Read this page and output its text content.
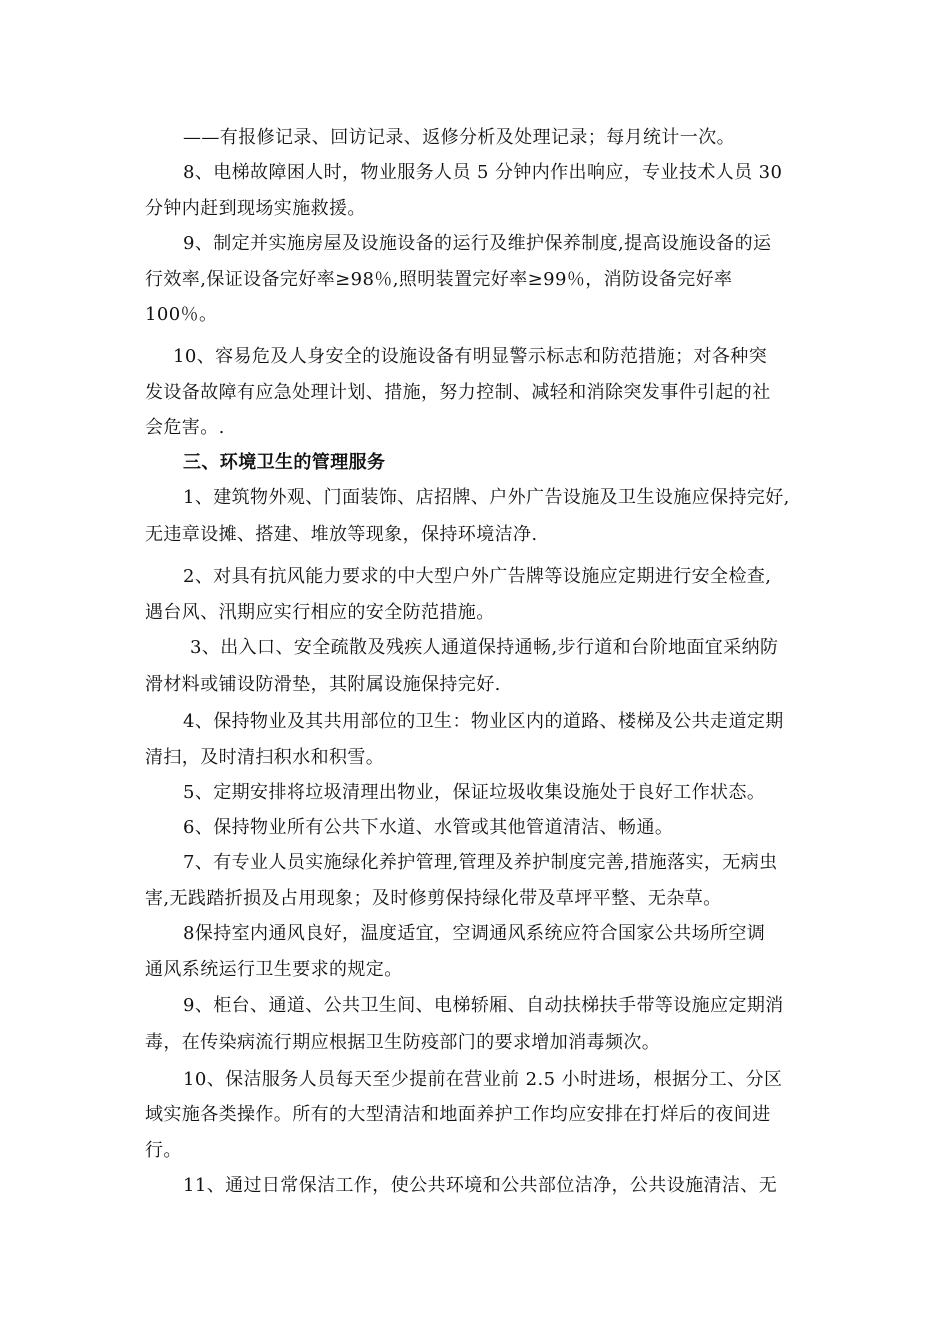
——有报修记录、回访记录、返修分析及处理记录；每月统计一次。
8、电梯故障困人时，物业服务人员 5 分钟内作出响应，专业技术人员 30
分钟内赶到现场实施救援。
9、制定并实施房屋及设施设备的运行及维护保养制度,提高设施设备的运
行效率,保证设备完好率≥98％,照明装置完好率≥99％，消防设备完好率
100％。
10、容易危及人身安全的设施设备有明显警示标志和防范措施；对各种突
发设备故障有应急处理计划、措施，努力控制、减轻和消除突发事件引起的社
会危害。.
三、环境卫生的管理服务
1、建筑物外观、门面装饰、店招牌、户外广告设施及卫生设施应保持完好,
无违章设摊、搭建、堆放等现象，保持环境洁净.
2、对具有抗风能力要求的中大型户外广告牌等设施应定期进行安全检查,
遇台风、汛期应实行相应的安全防范措施。
3、出入口、安全疏散及残疾人通道保持通畅,步行道和台阶地面宜采纳防
滑材料或铺设防滑垫，其附属设施保持完好.
4、保持物业及其共用部位的卫生：物业区内的道路、楼梯及公共走道定期
清扫，及时清扫积水和积雪。
5、定期安排将垃圾清理出物业，保证垃圾收集设施处于良好工作状态。
6、保持物业所有公共下水道、水管或其他管道清洁、畅通。
7、有专业人员实施绿化养护管理,管理及养护制度完善,措施落实，无病虫
害,无践踏折损及占用现象；及时修剪保持绿化带及草坪平整、无杂草。
8保持室内通风良好，温度适宜，空调通风系统应符合国家公共场所空调
通风系统运行卫生要求的规定。
9、柜台、通道、公共卫生间、电梯轿厢、自动扶梯扶手带等设施应定期消
毒，在传染病流行期应根据卫生防疫部门的要求增加消毒频次。
10、保洁服务人员每天至少提前在营业前 2.5 小时进场，根据分工、分区
域实施各类操作。所有的大型清洁和地面养护工作均应安排在打烊后的夜间进
行。
11、通过日常保洁工作，使公共环境和公共部位洁净，公共设施清洁、无
